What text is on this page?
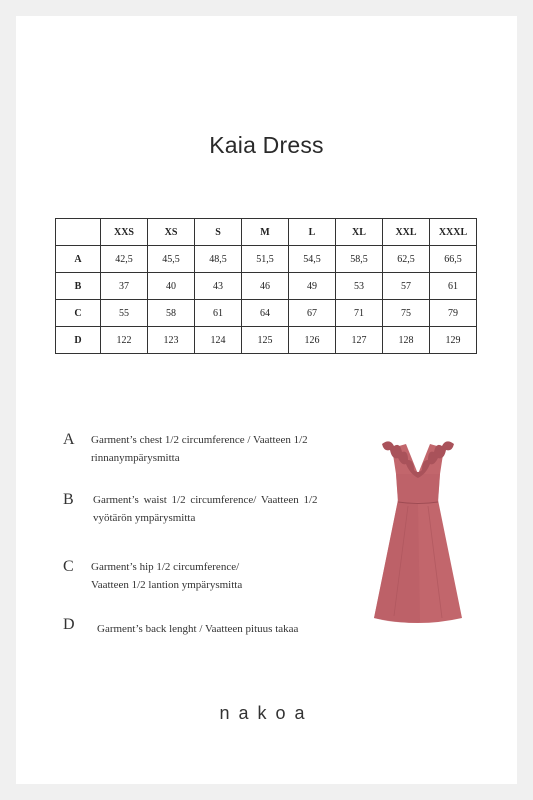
Kaia Dress
	XXS	XS	S	M	L	XL	XXL	XXXL
A	42,5	45,5	48,5	51,5	54,5	58,5	62,5	66,5
B	37	40	43	46	49	53	57	61
C	55	58	61	64	67	71	75	79
D	122	123	124	125	126	127	128	129
A Garment’s chest 1/2 circumference / Vaatteen 1/2
rinnanympärysmitta
B Garment’s waist 1/2 circumference/ Vaatteen 1/2
vyötärön ympärysmitta
C Garment’s hip 1/2 circumference/
Vaatteen 1/2 lantion ympärysmitta
D Garment’s back lenght / Vaatteen pituus takaa
nakoa
